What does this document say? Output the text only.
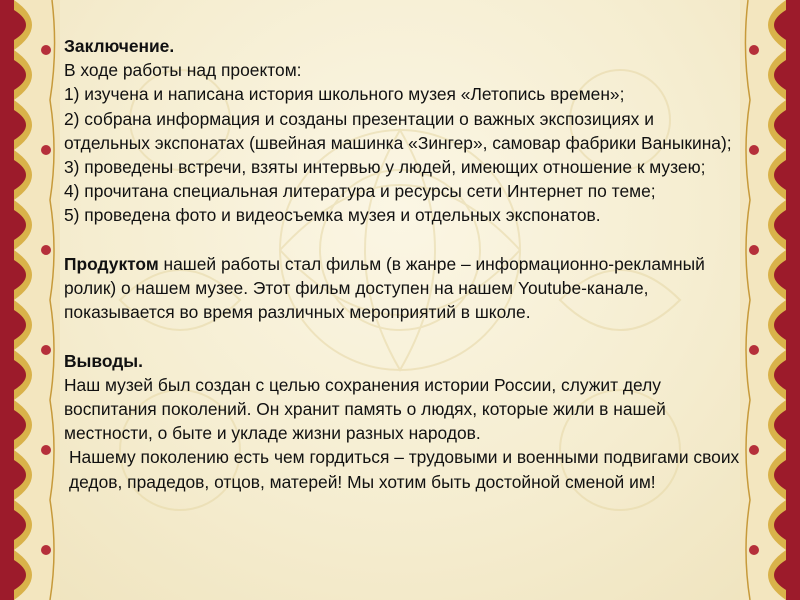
Заключение.

В ходе работы над проектом:

1) изучена и написана история школьного музея «Летопись времен»;

2) собрана информация и созданы презентации о важных экспозициях и отдельных экспонатах (швейная машинка «Зингер», самовар фабрики Ваныкина);

3) проведены встречи, взяты интервью у людей, имеющих отношение к музею;

4) прочитана специальная литература и ресурсы сети Интернет по теме;

5) проведена фото и видеосъемка музея и отдельных экспонатов.

Продуктом нашей работы стал фильм (в жанре – информационно-рекламный ролик) о нашем музее. Этот фильм доступен на нашем Youtube-канале, показывается во время различных мероприятий в школе.

Выводы.

Наш музей был создан с целью сохранения истории России, служит делу воспитания поколений. Он хранит память о людях, которые жили в нашей местности, о быте и укладе жизни разных народов.

Нашему поколению есть чем гордиться – трудовыми и военными подвигами своих дедов, прадедов, отцов, матерей! Мы хотим быть достойной сменой им!
